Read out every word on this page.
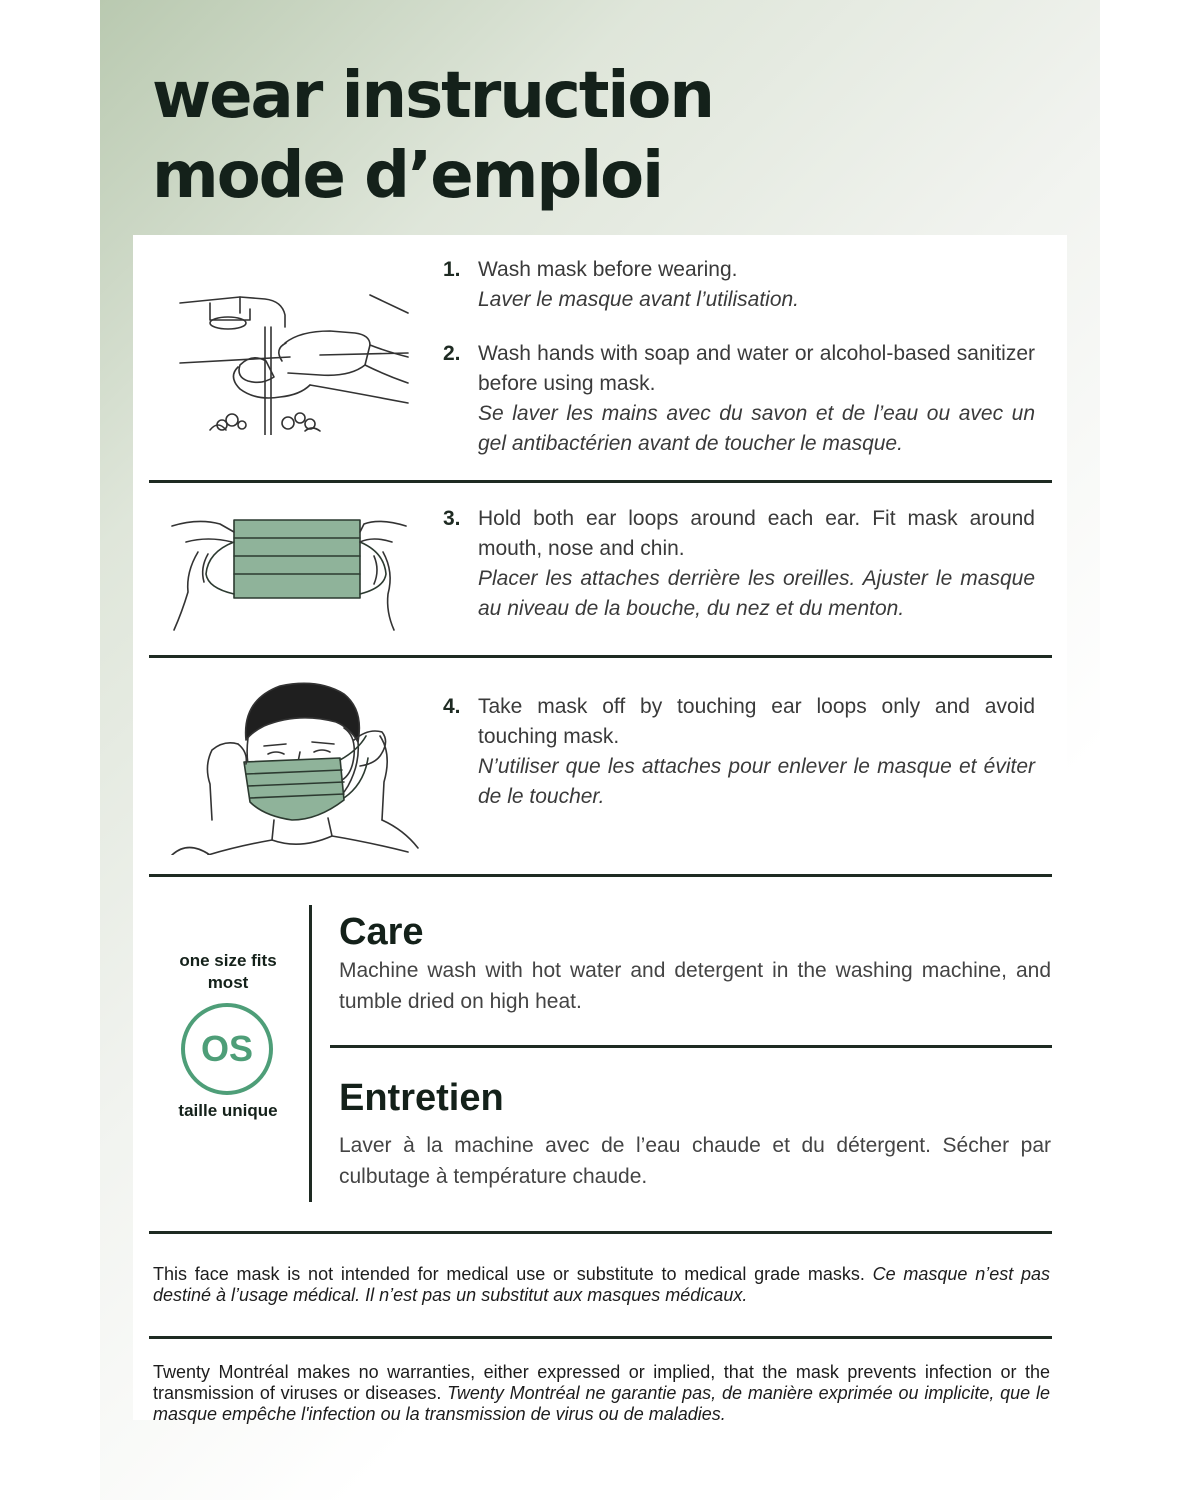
wear instruction
mode d’emploi
1. Wash mask before wearing.
Laver le masque avant l’utilisation.
2. Wash hands with soap and water or alcohol-based sanitizer before using mask.
Se laver les mains avec du savon et de l’eau ou avec un gel antibactérien avant de toucher le masque.
3. Hold both ear loops around each ear. Fit mask around mouth, nose and chin.
Placer les attaches derrière les oreilles. Ajuster le masque au niveau de la bouche, du nez et du menton.
4. Take mask off by touching ear loops only and avoid touching mask.
N’utiliser que les attaches pour enlever le masque et éviter de le toucher.
one size fits most
OS
taille unique
Care

Machine wash with hot water and detergent in the washing machine, and tumble dried on high heat.

Entretien

Laver à la machine avec de l’eau chaude et du détergent. Sécher par culbutage à température chaude.

This face mask is not intended for medical use or substitute to medical grade masks. Ce masque n’est pas destiné à l’usage médical. Il n’est pas un substitut aux masques médicaux.

Twenty Montréal makes no warranties, either expressed or implied, that the mask prevents infection or the transmission of viruses or diseases. Twenty Montréal ne garantie pas, de manière exprimée ou implicite, que le masque empêche l'infection ou la transmission de virus ou de maladies.
